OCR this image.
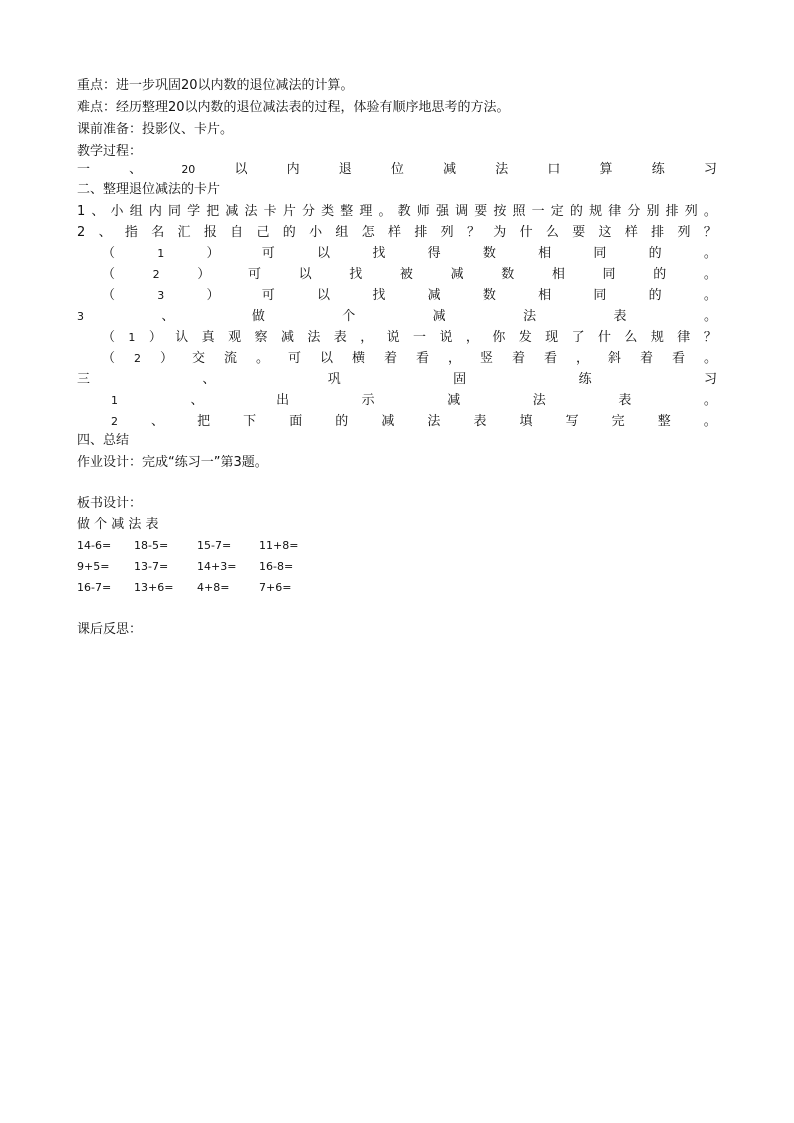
重点：进一步巩固20以内数的退位减法的计算。

难点：经历整理20以内数的退位减法表的过程，体验有顺序地思考的方法。

课前准备：投影仪、卡片。

教学过程：

一	、	20	以	内	退	位	减	法	口	算	练	习

二、整理退位减法的卡片

1 、 小 组 内 同 学 把 减 法 卡 片 分 类 整 理 。 教 师 强 调 要 按 照 一 定 的 规 律 分 别 排 列 。
2 、 指 名 汇 报 自 己 的 小 组 怎 样 排 列 ？ 为 什 么 要 这 样 排 列 ？
（	1	）	可	以	找	得	数	相	同	的	。
（	2	）	可	以	找	被	减	数	相	同	的	。
（	3	）	可	以	找	减	数	相	同	的	。
3	、	做	个	减	法	表	。
（ 1 ） 认 真 观 察 减 法 表 ， 说 一 说 ， 你 发 现 了 什 么 规 律 ？
（ 2 ） 交 流 。 可 以 横 着 看 ， 竖 着 看 ， 斜 着 看 。
三	、	巩	固	练	习
1	、	出	示	减	法	表	。
2	、	把	下	面	的	减	法	表	填	写	完	整	。

四、总结

作业设计：完成“练习一”第3题。

板书设计：

做 个 减 法 表

14-6=	18-5=	15-7=	11+8=
9+5=	13-7=	14+3=	16-8=
16-7=	13+6=	4+8=	7+6=

课后反思：
